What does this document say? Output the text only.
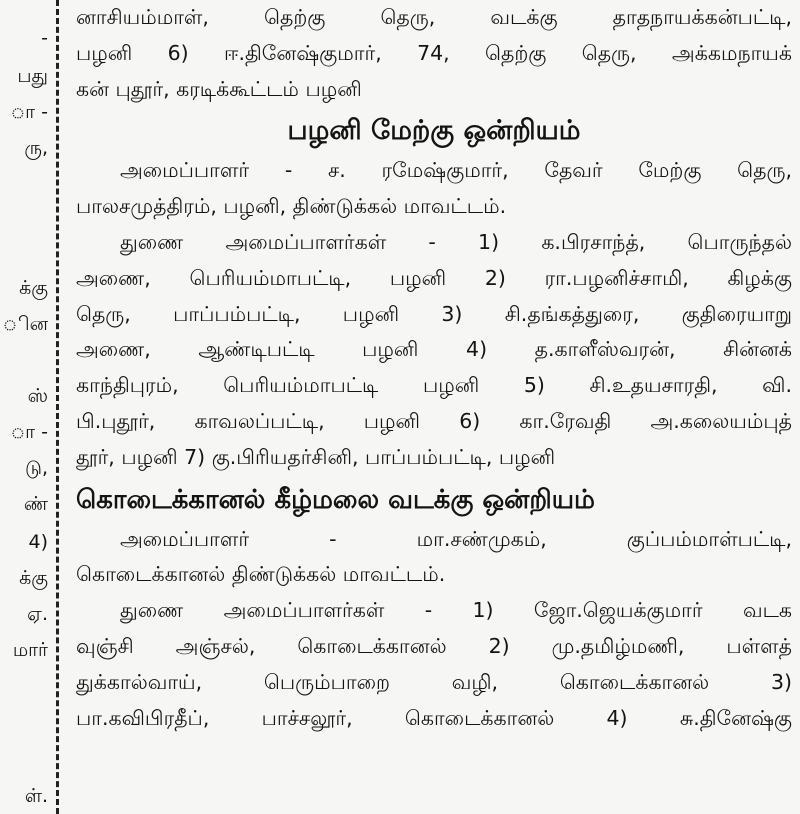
-
பது
ா -
ரு,
க்கு
ின
ஸ்
ா -
டு,
ண்
4)
க்கு
ஏ.
மார்
ள்.
னாசியம்மாள், தெற்கு தெரு, வடக்கு தாதநாயக்கன்பட்டி,
பழனி 6) ஈ.தினேஷ்குமார், 74, தெற்கு தெரு, அக்கமநாயக்
கன் புதூர், கரடிக்கூட்டம் பழனி
பழனி மேற்கு ஒன்றியம்
அமைப்பாளர் - ச. ரமேஷ்குமார், தேவர் மேற்கு தெரு,
பாலசமுத்திரம், பழனி, திண்டுக்கல் மாவட்டம்.
துணை அமைப்பாளர்கள் - 1) க.பிரசாந்த், பொருந்தல்
அணை, பெரியம்மாபட்டி, பழனி 2) ரா.பழனிச்சாமி, கிழக்கு
தெரு, பாப்பம்பட்டி, பழனி 3) சி.தங்கத்துரை, குதிரையாறு
அணை, ஆண்டிபட்டி பழனி 4) த.காளீஸ்வரன், சின்னக்
காந்திபுரம், பெரியம்மாபட்டி பழனி 5) சி.உதயசாரதி, வி.
பி.புதூர், காவலப்பட்டி, பழனி 6) கா.ரேவதி அ.கலையம்புத்
தூர், பழனி 7) கு.பிரியதர்சினி, பாப்பம்பட்டி, பழனி
கொடைக்கானல் கீழ்மலை வடக்கு ஒன்றியம்
அமைப்பாளர் - மா.சண்முகம், குப்பம்மாள்பட்டி,
கொடைக்கானல் திண்டுக்கல் மாவட்டம்.
துணை அமைப்பாளர்கள் - 1) ஜோ.ஜெயக்குமார் வடக
வுஞ்சி அஞ்சல், கொடைக்கானல் 2) மு.தமிழ்மணி, பள்ளத்
துக்கால்வாய், பெரும்பாறை வழி, கொடைக்கானல் 3)
பா.கவிபிரதீப், பாச்சலூர், கொடைக்கானல் 4) சு.தினேஷ்கு
